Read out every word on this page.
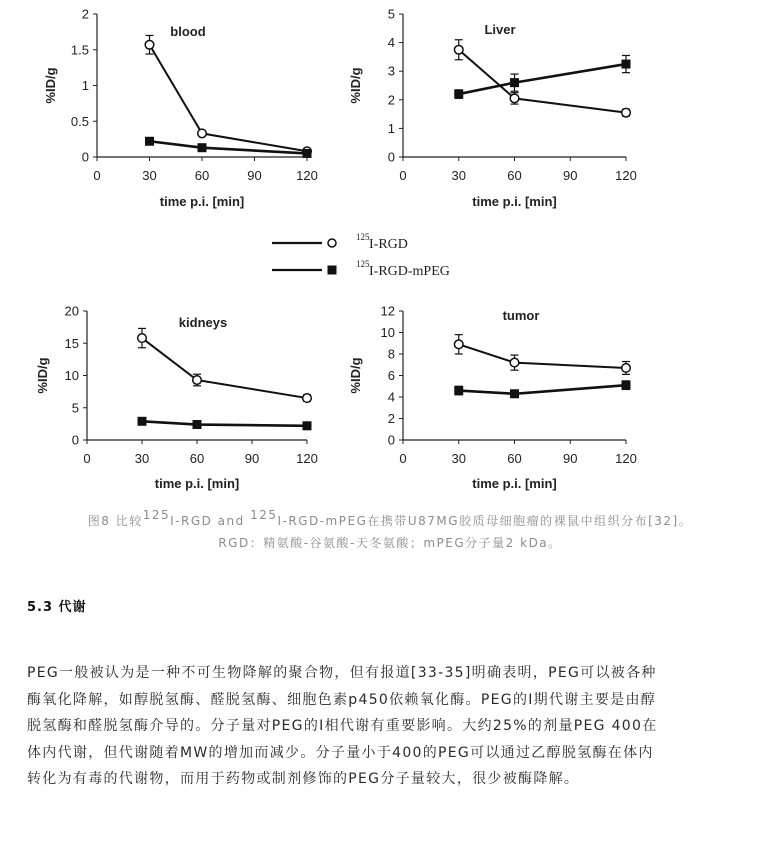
125 I-RGD
125 I-RGD-mPEG
0
0.5
1
1.5
2
0	30	60	90	120
time p.i. [min]
%ID/g
blood
0
1
2
3
4
5
0	30	60	90	120
time p.i. [min]
%ID/g
Liver
0
5
10
15
20
0	30	60	90	120
time p.i. [min]
%ID/g
kidneys
0
2
4
6
8
10
12
0	30	60	90	120
time p.i. [min]
%ID/g
tumor
图8 比较$^{125}$I-RGD and $^{125}$I-RGD-mPEG在携带U87MG胶质母细胞瘤的裸鼠中组织分布[32]。
RGD：精氨酸-谷氨酸-天冬氨酸；mPEG分子量2 kDa。
5.3 代谢
PEG一般被认为是一种不可生物降解的聚合物，但有报道[33-35]明确表明，PEG可以被各种
酶氧化降解，如醇脱氢酶、醛脱氢酶、细胞色素p450依赖氧化酶。PEG的I期代谢主要是由醇
脱氢酶和醛脱氢酶介导的。分子量对PEG的I相代谢有重要影响。大约25%的剂量PEG 400在
体内代谢，但代谢随着MW的增加而减少。分子量小于400的PEG可以通过乙醇脱氢酶在体内
转化为有毒的代谢物，而用于药物或制剂修饰的PEG分子量较大，很少被酶降解。
